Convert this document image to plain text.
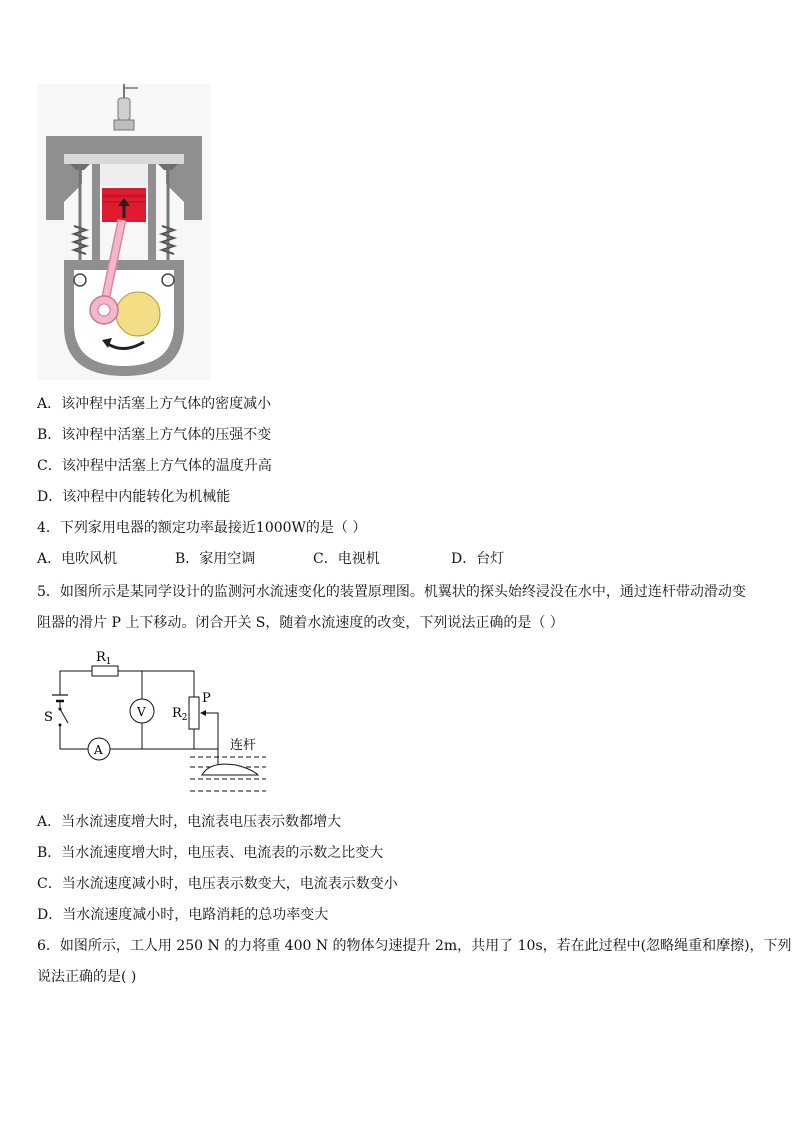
A．该冲程中活塞上方气体的密度减小
B．该冲程中活塞上方气体的压强不变
C．该冲程中活塞上方气体的温度升高
D．该冲程中内能转化为机械能
4．下列家用电器的额定功率最接近1000W的是（ ）
A．电吹风机	B．家用空调	C．电视机	D．台灯
5．如图所示是某同学设计的监测河水流速变化的装置原理图。机翼状的探头始终浸没在水中，通过连杆带动滑动变
阻器的滑片 P 上下移动。闭合开关 S，随着水流速度的改变，下列说法正确的是（ ）
$R_1$
$R_2$
P
S	V
A	连杆
A．当水流速度增大时，电流表电压表示数都增大
B．当水流速度增大时，电压表、电流表的示数之比变大
C．当水流速度减小时，电压表示数变大，电流表示数变小
D．当水流速度减小时，电路消耗的总功率变大
6．如图所示，工人用 250 N 的力将重 400 N 的物体匀速提升 2m，共用了 10s，若在此过程中(忽略绳重和摩擦)，下列
说法正确的是( )
